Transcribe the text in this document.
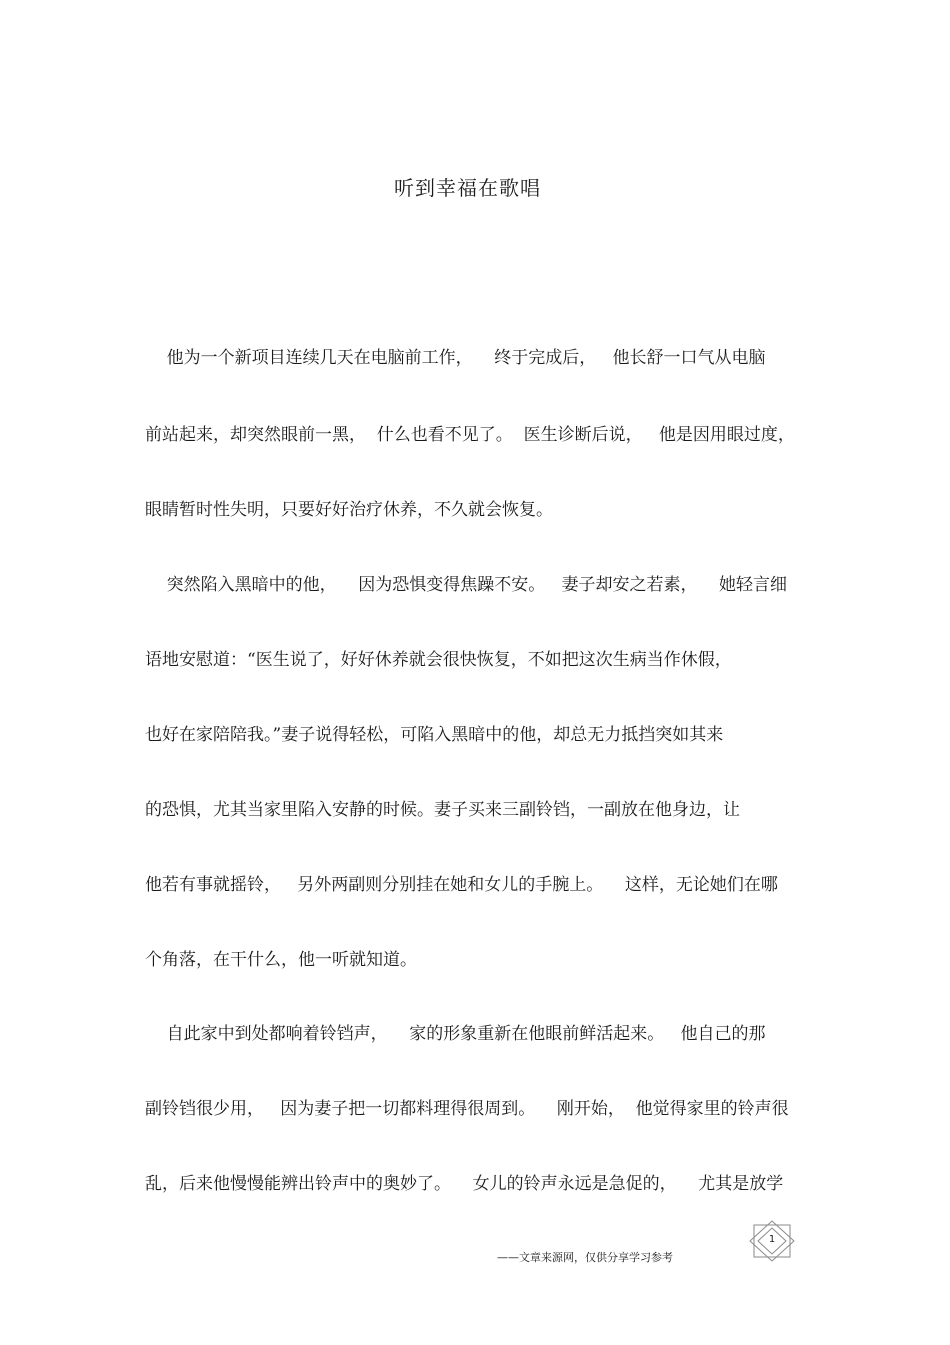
听到幸福在歌唱
他为一个新项目连续几天在电脑前工作，    终于完成后，   他长舒一口气从电脑
前站起来，却突然眼前一黑，  什么也看不见了。  医生诊断后说，   他是因用眼过度，
眼睛暂时性失明，只要好好治疗休养，不久就会恢复。
突然陷入黑暗中的他，    因为恐惧变得焦躁不安。   妻子却安之若素，    她轻言细
语地安慰道：“医生说了，好好休养就会很快恢复，不如把这次生病当作休假，
也好在家陪陪我。”妻子说得轻松，可陷入黑暗中的他，却总无力抵挡突如其来
的恐惧，尤其当家里陷入安静的时候。妻子买来三副铃铛，一副放在他身边，让
他若有事就摇铃，   另外两副则分别挂在她和女儿的手腕上。    这样，无论她们在哪
个角落，在干什么，他一听就知道。
自此家中到处都响着铃铛声，    家的形象重新在他眼前鲜活起来。   他自己的那
副铃铛很少用，   因为妻子把一切都料理得很周到。    刚开始，  他觉得家里的铃声很
乱，后来他慢慢能辨出铃声中的奥妙了。    女儿的铃声永远是急促的，    尤其是放学
1
——文章来源网，仅供分享学习参考
